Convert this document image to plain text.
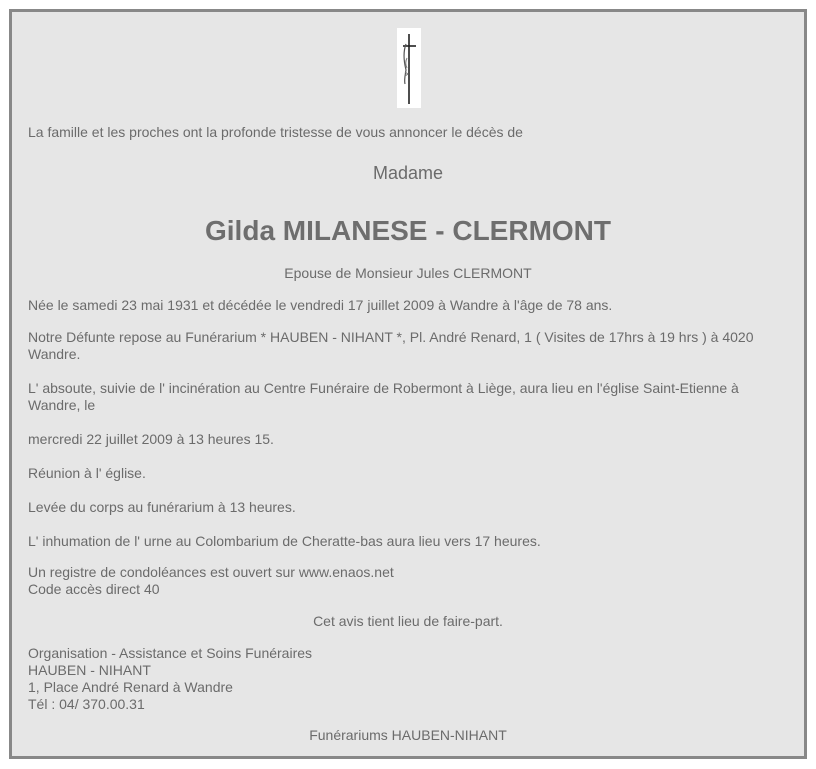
La famille et les proches ont la profonde tristesse de vous annoncer le décès de
Madame
Gilda MILANESE - CLERMONT
Epouse de Monsieur Jules CLERMONT
Née le samedi 23 mai 1931 et décédée le vendredi 17 juillet 2009 à Wandre à l'âge de 78 ans.
Notre Défunte repose au Funérarium * HAUBEN - NIHANT *, Pl. André Renard, 1 ( Visites de 17hrs à 19 hrs ) à 4020
Wandre.
L' absoute, suivie de l' incinération au Centre Funéraire de Robermont à Liège, aura lieu en l'église Saint-Etienne à
Wandre, le
mercredi 22 juillet 2009 à 13 heures 15.
Réunion à l' église.
Levée du corps au funérarium à 13 heures.
L' inhumation de l' urne au Colombarium de Cheratte-bas aura lieu vers 17 heures.
Un registre de condoléances est ouvert sur www.enaos.net
Code accès direct 40
Cet avis tient lieu de faire-part.
Organisation - Assistance et Soins Funéraires
HAUBEN - NIHANT
1, Place André Renard à Wandre
Tél : 04/ 370.00.31
Funérariums HAUBEN-NIHANT
